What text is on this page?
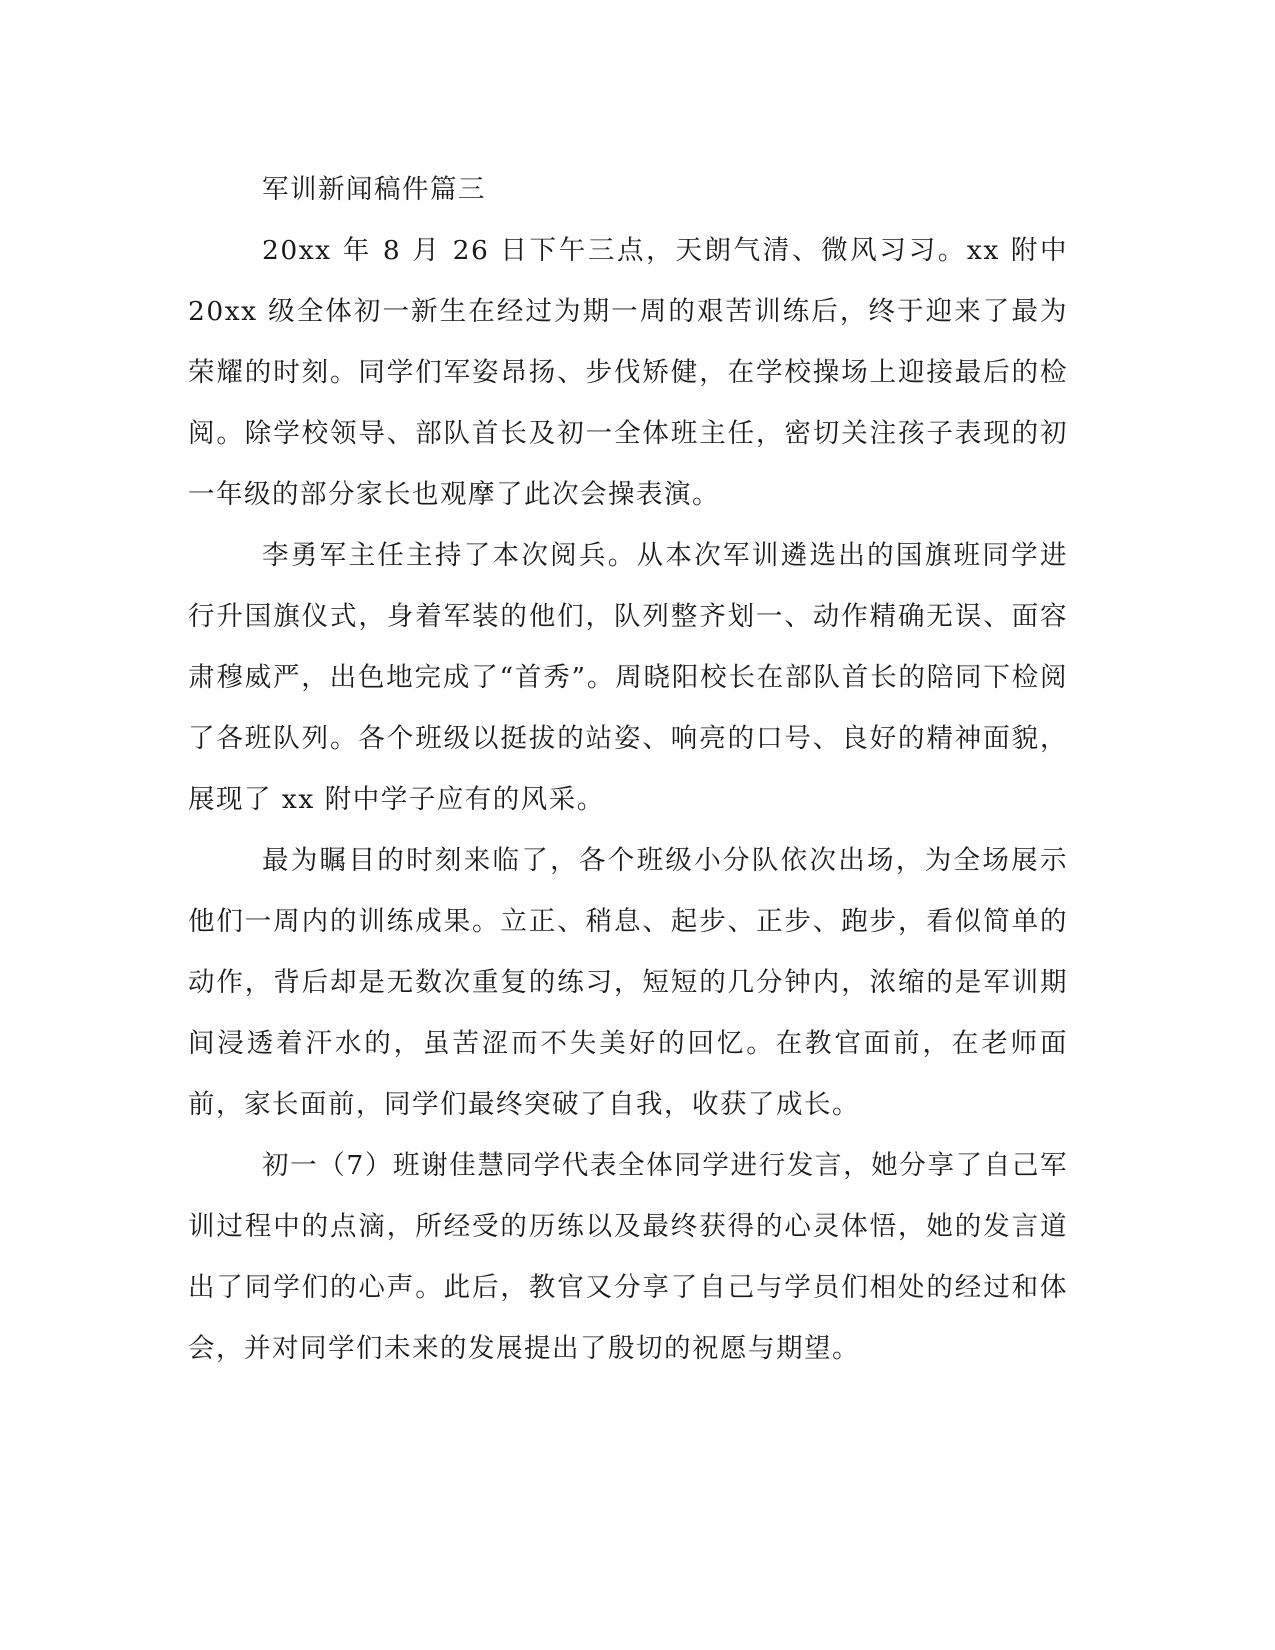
军训新闻稿件篇三

20xx 年 8 月 26 日下午三点，天朗气清、微风习习。xx 附中 20xx 级全体初一新生在经过为期一周的艰苦训练后，终于迎来了最为荣耀的时刻。同学们军姿昂扬、步伐矫健，在学校操场上迎接最后的检阅。除学校领导、部队首长及初一全体班主任，密切关注孩子表现的初一年级的部分家长也观摩了此次会操表演。

李勇军主任主持了本次阅兵。从本次军训遴选出的国旗班同学进行升国旗仪式，身着军装的他们，队列整齐划一、动作精确无误、面容肃穆威严，出色地完成了“首秀”。周晓阳校长在部队首长的陪同下检阅了各班队列。各个班级以挺拔的站姿、响亮的口号、良好的精神面貌，展现了 xx 附中学子应有的风采。

最为瞩目的时刻来临了，各个班级小分队依次出场，为全场展示他们一周内的训练成果。立正、稍息、起步、正步、跑步，看似简单的动作，背后却是无数次重复的练习，短短的几分钟内，浓缩的是军训期间浸透着汗水的，虽苦涩而不失美好的回忆。在教官面前，在老师面前，家长面前，同学们最终突破了自我，收获了成长。

初一（7）班谢佳慧同学代表全体同学进行发言，她分享了自己军训过程中的点滴，所经受的历练以及最终获得的心灵体悟，她的发言道出了同学们的心声。此后，教官又分享了自己与学员们相处的经过和体会，并对同学们未来的发展提出了殷切的祝愿与期望。
